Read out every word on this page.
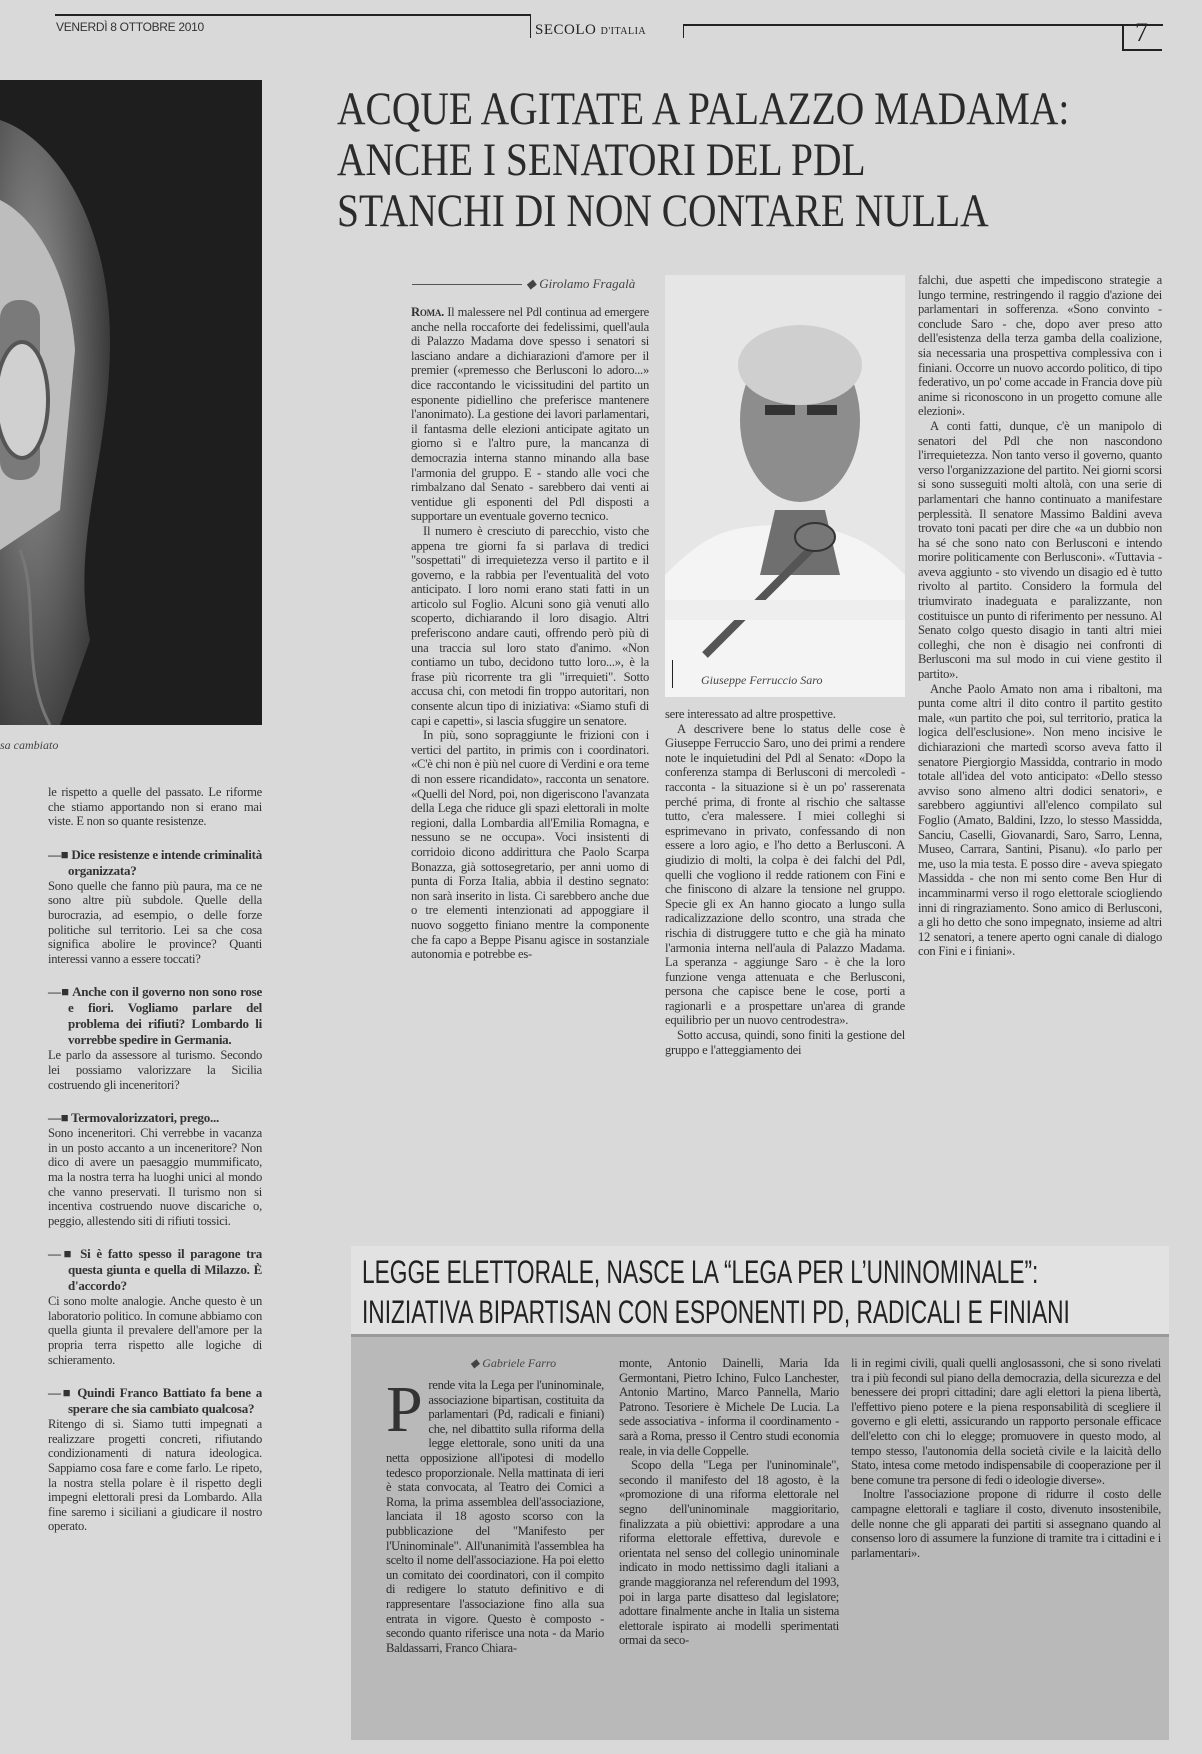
VENERDÌ 8 OTTOBRE 2010	SECOLO D'ITALIA	7
sa cambiato
ACQUE AGITATE A PALAZZO MADAMA:
ANCHE I SENATORI DEL PDL
STANCHI DI NON CONTARE NULLA
◆ Girolamo Fragalà

Roma. Il malessere nel Pdl continua ad emergere anche nella roccaforte dei fedelissimi, quell'aula di Palazzo Madama dove spesso i senatori si lasciano andare a dichiarazioni d'amore per il premier («premesso che Berlusconi lo adoro...» dice raccontando le vicissitudini del partito un esponente pidiellino che preferisce mantenere l'anonimato). La gestione dei lavori parlamentari, il fantasma delle elezioni anticipate agitato un giorno sì e l'altro pure, la mancanza di democrazia interna stanno minando alla base l'armonia del gruppo. E - stando alle voci che rimbalzano dal Senato - sarebbero dai venti ai ventidue gli esponenti del Pdl disposti a supportare un eventuale governo tecnico.

Il numero è cresciuto di parecchio, visto che appena tre giorni fa si parlava di tredici "sospettati" di irrequietezza verso il partito e il governo, e la rabbia per l'eventualità del voto anticipato. I loro nomi erano stati fatti in un articolo sul Foglio. Alcuni sono già venuti allo scoperto, dichiarando il loro disagio. Altri preferiscono andare cauti, offrendo però più di una traccia sul loro stato d'animo. «Non contiamo un tubo, decidono tutto loro...», è la frase più ricorrente tra gli "irrequieti". Sotto accusa chi, con metodi fin troppo autoritari, non consente alcun tipo di iniziativa: «Siamo stufi di capi e capetti», si lascia sfuggire un senatore.

In più, sono sopraggiunte le frizioni con i vertici del partito, in primis con i coordinatori. «C'è chi non è più nel cuore di Verdini e ora teme di non essere ricandidato», racconta un senatore. «Quelli del Nord, poi, non digeriscono l'avanzata della Lega che riduce gli spazi elettorali in molte regioni, dalla Lombardia all'Emilia Romagna, e nessuno se ne occupa». Voci insistenti di corridoio dicono addirittura che Paolo Scarpa Bonazza, già sottosegretario, per anni uomo di punta di Forza Italia, abbia il destino segnato: non sarà inserito in lista. Ci sarebbero anche due o tre elementi intenzionati ad appoggiare il nuovo soggetto finiano mentre la componente che fa capo a Beppe Pisanu agisce in sostanziale autonomia e potrebbe es-

Giuseppe Ferruccio Saro

sere interessato ad altre prospettive.

A descrivere bene lo status delle cose è Giuseppe Ferruccio Saro, uno dei primi a rendere note le inquietudini del Pdl al Senato: «Dopo la conferenza stampa di Berlusconi di mercoledì - racconta - la situazione si è un po' rasserenata perché prima, di fronte al rischio che saltasse tutto, c'era malessere. I miei colleghi si esprimevano in privato, confessando di non essere a loro agio, e l'ho detto a Berlusconi. A giudizio di molti, la colpa è dei falchi del Pdl, quelli che vogliono il redde rationem con Fini e che finiscono di alzare la tensione nel gruppo. Specie gli ex An hanno giocato a lungo sulla radicalizzazione dello scontro, una strada che rischia di distruggere tutto e che già ha minato l'armonia interna nell'aula di Palazzo Madama. La speranza - aggiunge Saro - è che la loro funzione venga attenuata e che Berlusconi, persona che capisce bene le cose, porti a ragionarli e a prospettare un'area di grande equilibrio per un nuovo centrodestra».

Sotto accusa, quindi, sono finiti la gestione del gruppo e l'atteggiamento dei

falchi, due aspetti che impediscono strategie a lungo termine, restringendo il raggio d'azione dei parlamentari in sofferenza. «Sono convinto - conclude Saro - che, dopo aver preso atto dell'esistenza della terza gamba della coalizione, sia necessaria una prospettiva complessiva con i finiani. Occorre un nuovo accordo politico, di tipo federativo, un po' come accade in Francia dove più anime si riconoscono in un progetto comune alle elezioni».

A conti fatti, dunque, c'è un manipolo di senatori del Pdl che non nascondono l'irrequietezza. Non tanto verso il governo, quanto verso l'organizzazione del partito. Nei giorni scorsi si sono susseguiti molti altolà, con una serie di parlamentari che hanno continuato a manifestare perplessità. Il senatore Massimo Baldini aveva trovato toni pacati per dire che «a un dubbio non ha sé che sono nato con Berlusconi e intendo morire politicamente con Berlusconi». «Tuttavia - aveva aggiunto - sto vivendo un disagio ed è tutto rivolto al partito. Considero la formula del triumvirato inadeguata e paralizzante, non costituisce un punto di riferimento per nessuno. Al Senato colgo questo disagio in tanti altri miei colleghi, che non è disagio nei confronti di Berlusconi ma sul modo in cui viene gestito il partito».

Anche Paolo Amato non ama i ribaltoni, ma punta come altri il dito contro il partito gestito male, «un partito che poi, sul territorio, pratica la logica dell'esclusione». Non meno incisive le dichiarazioni che martedì scorso aveva fatto il senatore Piergiorgio Massidda, contrario in modo totale all'idea del voto anticipato: «Dello stesso avviso sono almeno altri dodici senatori», e sarebbero aggiuntivi all'elenco compilato sul Foglio (Amato, Baldini, Izzo, lo stesso Massidda, Sanciu, Caselli, Giovanardi, Saro, Sarro, Lenna, Museo, Carrara, Santini, Pisanu). «Io parlo per me, uso la mia testa. E posso dire - aveva spiegato Massidda - che non mi sento come Ben Hur di incamminarmi verso il rogo elettorale sciogliendo inni di ringraziamento. Sono amico di Berlusconi, a gli ho detto che sono impegnato, insieme ad altri 12 senatori, a tenere aperto ogni canale di dialogo con Fini e i finiani».

le rispetto a quelle del passato. Le riforme che stiamo apportando non si erano mai viste. E non so quante resistenze.

—■ Dice resistenze e intende criminalità organizzata?

Sono quelle che fanno più paura, ma ce ne sono altre più subdole. Quelle della burocrazia, ad esempio, o delle forze politiche sul territorio. Lei sa che cosa significa abolire le province? Quanti interessi vanno a essere toccati?

—■ Anche con il governo non sono rose e fiori. Vogliamo parlare del problema dei rifiuti? Lombardo li vorrebbe spedire in Germania.

Le parlo da assessore al turismo. Secondo lei possiamo valorizzare la Sicilia costruendo gli inceneritori?

—■ Termovalorizzatori, prego...

Sono inceneritori. Chi verrebbe in vacanza in un posto accanto a un inceneritore? Non dico di avere un paesaggio mummificato, ma la nostra terra ha luoghi unici al mondo che vanno preservati. Il turismo non si incentiva costruendo nuove discariche o, peggio, allestendo siti di rifiuti tossici.

—■ Si è fatto spesso il paragone tra questa giunta e quella di Milazzo. È d'accordo?

Ci sono molte analogie. Anche questo è un laboratorio politico. In comune abbiamo con quella giunta il prevalere dell'amore per la propria terra rispetto alle logiche di schieramento.

—■ Quindi Franco Battiato fa bene a sperare che sia cambiato qualcosa?

Ritengo di sì. Siamo tutti impegnati a realizzare progetti concreti, rifiutando condizionamenti di natura ideologica. Sappiamo cosa fare e come farlo. Le ripeto, la nostra stella polare è il rispetto degli impegni elettorali presi da Lombardo. Alla fine saremo i siciliani a giudicare il nostro operato.

LEGGE ELETTORALE, NASCE LA “LEGA PER L’UNINOMINALE”:
INIZIATIVA BIPARTISAN CON ESPONENTI PD, RADICALI E FINIANI
◆ Gabriele Farro

Prende vita la Lega per l'uninominale, associazione bipartisan, costituita da parlamentari (Pd, radicali e finiani) che, nel dibattito sulla riforma della legge elettorale, sono uniti da una netta opposizione all'ipotesi di modello tedesco proporzionale. Nella mattinata di ieri è stata convocata, al Teatro dei Comici a Roma, la prima assemblea dell'associazione, lanciata il 18 agosto scorso con la pubblicazione del "Manifesto per l'Uninominale". All'unanimità l'assemblea ha scelto il nome dell'associazione. Ha poi eletto un comitato dei coordinatori, con il compito di redigere lo statuto definitivo e di rappresentare l'associazione fino alla sua entrata in vigore. Questo è composto - secondo quanto riferisce una nota - da Mario Baldassarri, Franco Chiara-

monte, Antonio Dainelli, Maria Ida Germontani, Pietro Ichino, Fulco Lanchester, Antonio Martino, Marco Pannella, Mario Patrono. Tesoriere è Michele De Lucia. La sede associativa - informa il coordinamento - sarà a Roma, presso il Centro studi economia reale, in via delle Coppelle.

Scopo della "Lega per l'uninominale", secondo il manifesto del 18 agosto, è la «promozione di una riforma elettorale nel segno dell'uninominale maggioritario, finalizzata a più obiettivi: approdare a una riforma elettorale effettiva, durevole e orientata nel senso del collegio uninominale indicato in modo nettissimo dagli italiani a grande maggioranza nel referendum del 1993, poi in larga parte disatteso dal legislatore; adottare finalmente anche in Italia un sistema elettorale ispirato ai modelli sperimentati ormai da seco-

li in regimi civili, quali quelli anglosassoni, che si sono rivelati tra i più fecondi sul piano della democrazia, della sicurezza e del benessere dei propri cittadini; dare agli elettori la piena libertà, l'effettivo pieno potere e la piena responsabilità di scegliere il governo e gli eletti, assicurando un rapporto personale efficace dell'eletto con chi lo elegge; promuovere in questo modo, al tempo stesso, l'autonomia della società civile e la laicità dello Stato, intesa come metodo indispensabile di cooperazione per il bene comune tra persone di fedi o ideologie diverse».

Inoltre l'associazione propone di ridurre il costo delle campagne elettorali e tagliare il costo, divenuto insostenibile, delle nonne che gli apparati dei partiti si assegnano quando al consenso loro di assumere la funzione di tramite tra i cittadini e i parlamentari».
